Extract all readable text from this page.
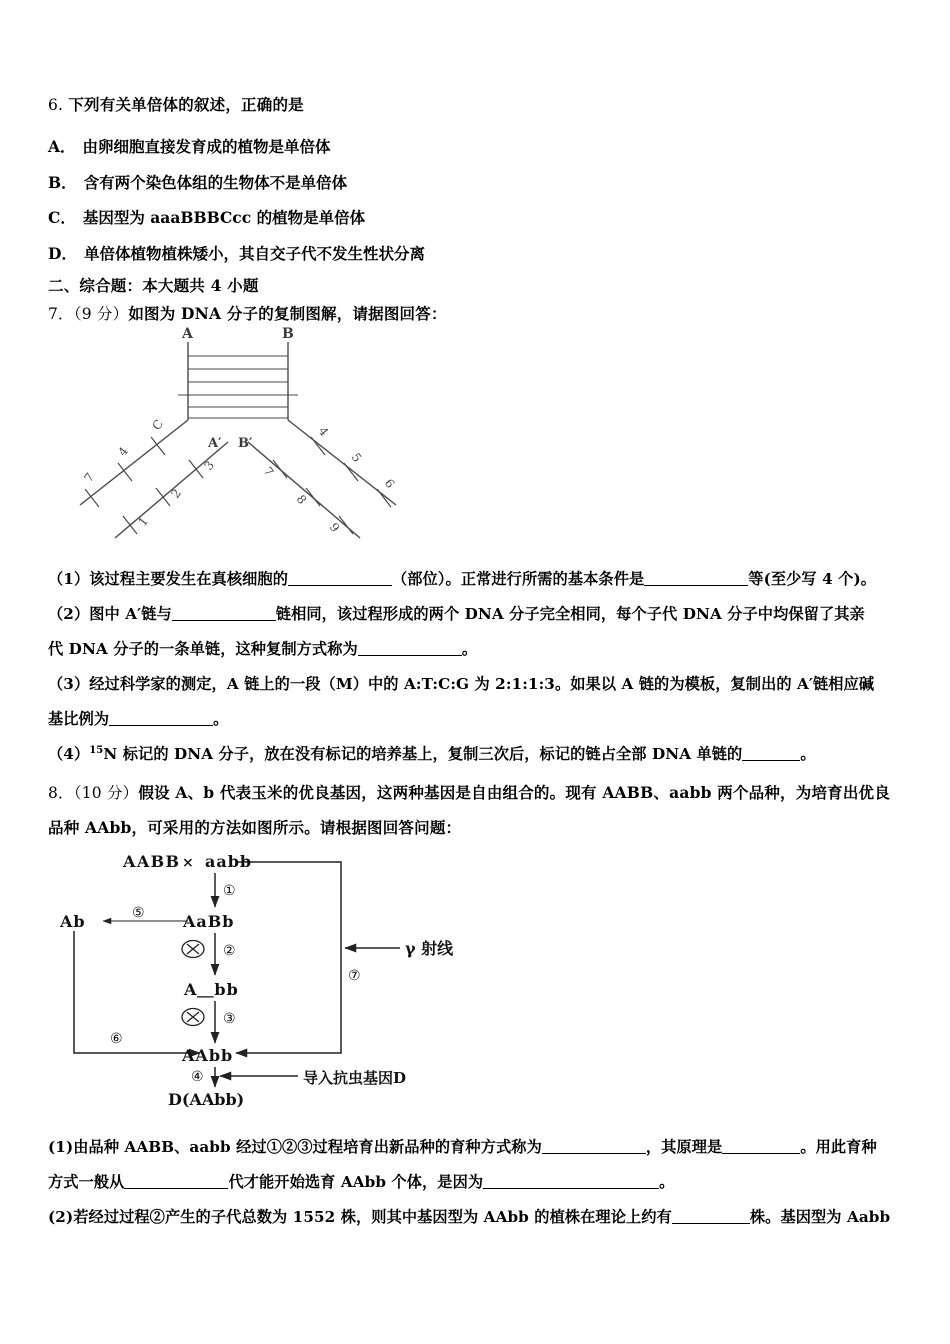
6. 下列有关单倍体的叙述，正确的是
A． 由卵细胞直接发育成的植物是单倍体
B． 含有两个染色体组的生物体不是单倍体
C． 基因型为 aaaBBBCcc 的植物是单倍体
D． 单倍体植物植株矮小，其自交子代不发生性状分离
二、综合题：本大题共 4 小题
7．（9 分）如图为 DNA 分子的复制图解，请据图回答：
A	B
A′ B′
C
4
7
3
2
1
4
5
6
7
8
9
（1）该过程主要发生在真核细胞的	（部位）。正常进行所需的基本条件是	等(至少写 4 个)。
（2）图中 A′链与	链相同，该过程形成的两个 DNA 分子完全相同，每个子代 DNA 分子中均保留了其亲
代 DNA 分子的一条单链，这种复制方式称为	。
（3）经过科学家的测定，A 链上的一段（M）中的 A:T:C:G 为 2:1:1:3。如果以 A 链的为模板，复制出的 A′链相应碱
基比例为	。
$(4)^{15}N$ 标记的 DNA 分子，放在没有标记的培养基上，复制三次后，标记的链占全部 DNA 单链的	。
8．（10 分）假设 A、b 代表玉米的优良基因，这两种基因是自由组合的。现有 AABB、aabb 两个品种，为培育出优良
品种 AAbb，可采用的方法如图所示。请根据图回答问题：
AABB × aabb
AaBb
A＿bb
AAbb
D(AAbb)
Ab
γ 射线
导入抗虫基因D
①
②
③
④
⑤
⑥
⑦
(1)由品种 AABB、aabb 经过①②③过程培育出新品种的育种方式称为	，其原理是	。用此育种
方式一般从	代才能开始选育 AAbb 个体，是因为	。
(2)若经过过程②产生的子代总数为 1552 株，则其中基因型为 AAbb 的植株在理论上约有	株。基因型为 Aabb
